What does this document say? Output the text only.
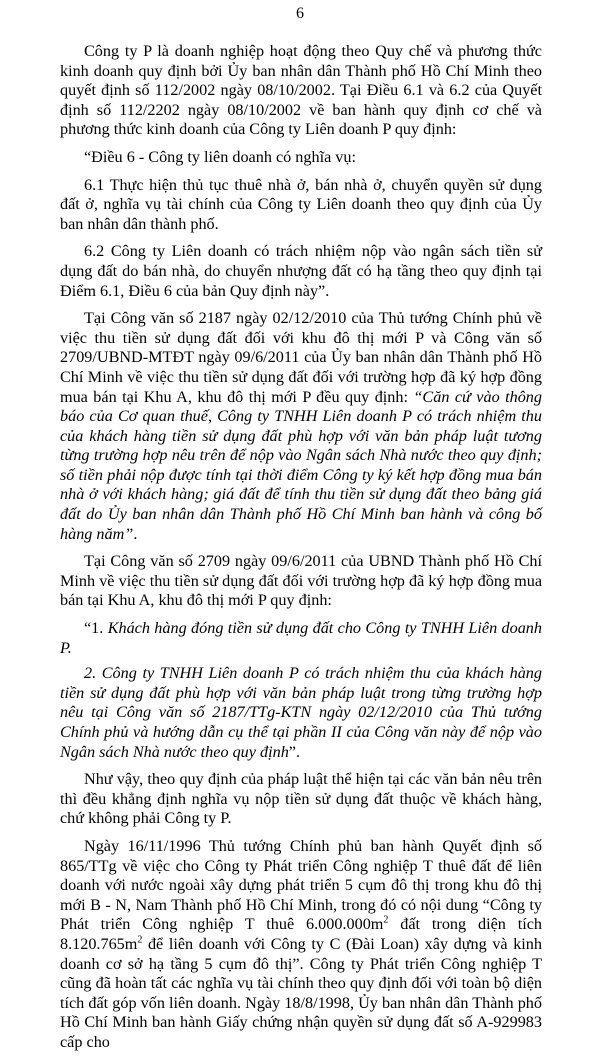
6

Công ty P là doanh nghiệp hoạt động theo Quy chế và phương thức kinh doanh quy định bởi Ủy ban nhân dân Thành phố Hồ Chí Minh theo quyết định số 112/2002 ngày 08/10/2002. Tại Điều 6.1 và 6.2 của Quyết định số 112/2202 ngày 08/10/2002 về ban hành quy định cơ chế và phương thức kinh doanh của Công ty Liên doanh P quy định:

“Điều 6 - Công ty liên doanh có nghĩa vụ:

6.1 Thực hiện thủ tục thuê nhà ở, bán nhà ở, chuyển quyền sử dụng đất ở, nghĩa vụ tài chính của Công ty Liên doanh theo quy định của Ủy ban nhân dân thành phố.

6.2 Công ty Liên doanh có trách nhiệm nộp vào ngân sách tiền sử dụng đất do bán nhà, do chuyển nhượng đất có hạ tầng theo quy định tại Điểm 6.1, Điều 6 của bản Quy định này”.

Tại Công văn số 2187 ngày 02/12/2010 của Thủ tướng Chính phủ về việc thu tiền sử dụng đất đối với khu đô thị mới P và Công văn số 2709/UBND-MTĐT ngày 09/6/2011 của Ủy ban nhân dân Thành phố Hồ Chí Minh về việc thu tiền sử dụng đất đối với trường hợp đã ký hợp đồng mua bán tại Khu A, khu đô thị mới P đều quy định: “Căn cứ vào thông báo của Cơ quan thuế, Công ty TNHH Liên doanh P có trách nhiệm thu của khách hàng tiền sử dụng đất phù hợp với văn bản pháp luật tương từng trường hợp nêu trên để nộp vào Ngân sách Nhà nước theo quy định; số tiền phải nộp được tính tại thời điểm Công ty ký kết hợp đồng mua bán nhà ở với khách hàng; giá đất để tính thu tiền sử dụng đất theo bảng giá đất do Ủy ban nhân dân Thành phố Hồ Chí Minh ban hành và công bố hàng năm”.

Tại Công văn số 2709 ngày 09/6/2011 của UBND Thành phố Hồ Chí Minh về việc thu tiền sử dụng đất đối với trường hợp đã ký hợp đồng mua bán tại Khu A, khu đô thị mới P quy định:

“1. Khách hàng đóng tiền sử dụng đất cho Công ty TNHH Liên doanh P.

2. Công ty TNHH Liên doanh P có trách nhiệm thu của khách hàng tiền sử dụng đất phù hợp với văn bản pháp luật trong từng trường hợp nêu tại Công văn số 2187/TTg-KTN ngày 02/12/2010 của Thủ tướng Chính phủ và hướng dẫn cụ thể tại phần II của Công văn này để nộp vào Ngân sách Nhà nước theo quy định”.

Như vậy, theo quy định của pháp luật thể hiện tại các văn bản nêu trên thì đều khẳng định nghĩa vụ nộp tiền sử dụng đất thuộc về khách hàng, chứ không phải Công ty P.

Ngày 16/11/1996 Thủ tướng Chính phủ ban hành Quyết định số 865/TTg về việc cho Công ty Phát triển Công nghiệp T thuê đất để liên doanh với nước ngoài xây dựng phát triển 5 cụm đô thị trong khu đô thị mới B - N, Nam Thành phố Hồ Chí Minh, trong đó có nội dung “Công ty Phát triển Công nghiệp T thuê $6.000.000m^2$ đất trong diện tích $8.120.765m^2$ để liên doanh với Công ty C (Đài Loan) xây dựng và kinh doanh cơ sở hạ tầng 5 cụm đô thị”. Công ty Phát triển Công nghiệp T cũng đã hoàn tất các nghĩa vụ tài chính theo quy định đối với toàn bộ diện tích đất góp vốn liên doanh. Ngày 18/8/1998, Ủy ban nhân dân Thành phố Hồ Chí Minh ban hành Giấy chứng nhận quyền sử dụng đất số A-929983 cấp cho
